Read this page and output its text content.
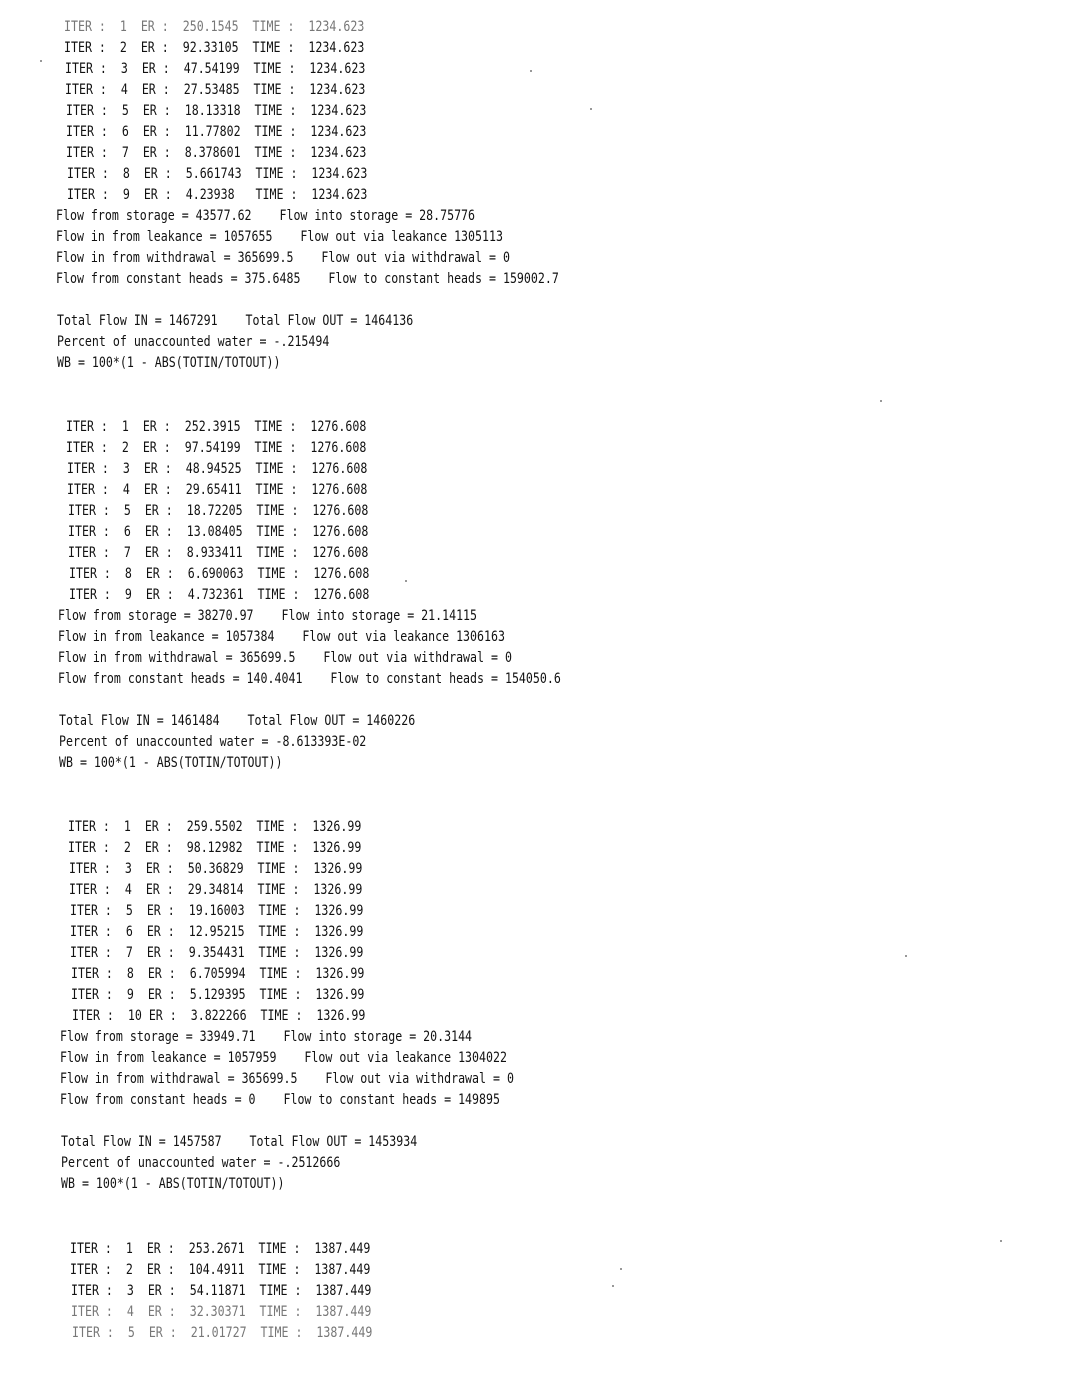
ITER :  1  ER :  250.1545  TIME :  1234.623
ITER :  2  ER :  92.33105  TIME :  1234.623
ITER :  3  ER :  47.54199  TIME :  1234.623
ITER :  4  ER :  27.53485  TIME :  1234.623
ITER :  5  ER :  18.13318  TIME :  1234.623
ITER :  6  ER :  11.77802  TIME :  1234.623
ITER :  7  ER :  8.378601  TIME :  1234.623
ITER :  8  ER :  5.661743  TIME :  1234.623
ITER :  9  ER :  4.23938   TIME :  1234.623
Flow from storage = 43577.62    Flow into storage = 28.75776
Flow in from leakance = 1057655    Flow out via leakance 1305113
Flow in from withdrawal = 365699.5    Flow out via withdrawal = 0
Flow from constant heads = 375.6485    Flow to constant heads = 159002.7
Total Flow IN = 1467291    Total Flow OUT = 1464136
Percent of unaccounted water = -.215494
WB = 100*(1 - ABS(TOTIN/TOTOUT))
ITER :  1  ER :  252.3915  TIME :  1276.608
ITER :  2  ER :  97.54199  TIME :  1276.608
ITER :  3  ER :  48.94525  TIME :  1276.608
ITER :  4  ER :  29.65411  TIME :  1276.608
ITER :  5  ER :  18.72205  TIME :  1276.608
ITER :  6  ER :  13.08405  TIME :  1276.608
ITER :  7  ER :  8.933411  TIME :  1276.608
ITER :  8  ER :  6.690063  TIME :  1276.608
ITER :  9  ER :  4.732361  TIME :  1276.608
Flow from storage = 38270.97    Flow into storage = 21.14115
Flow in from leakance = 1057384    Flow out via leakance 1306163
Flow in from withdrawal = 365699.5    Flow out via withdrawal = 0
Flow from constant heads = 140.4041    Flow to constant heads = 154050.6
Total Flow IN = 1461484    Total Flow OUT = 1460226
Percent of unaccounted water = -8.613393E-02
WB = 100*(1 - ABS(TOTIN/TOTOUT))
ITER :  1  ER :  259.5502  TIME :  1326.99
ITER :  2  ER :  98.12982  TIME :  1326.99
ITER :  3  ER :  50.36829  TIME :  1326.99
ITER :  4  ER :  29.34814  TIME :  1326.99
ITER :  5  ER :  19.16003  TIME :  1326.99
ITER :  6  ER :  12.95215  TIME :  1326.99
ITER :  7  ER :  9.354431  TIME :  1326.99
ITER :  8  ER :  6.705994  TIME :  1326.99
ITER :  9  ER :  5.129395  TIME :  1326.99
ITER :  10 ER :  3.822266  TIME :  1326.99
Flow from storage = 33949.71    Flow into storage = 20.3144
Flow in from leakance = 1057959    Flow out via leakance 1304022
Flow in from withdrawal = 365699.5    Flow out via withdrawal = 0
Flow from constant heads = 0    Flow to constant heads = 149895
Total Flow IN = 1457587    Total Flow OUT = 1453934
Percent of unaccounted water = -.2512666
WB = 100*(1 - ABS(TOTIN/TOTOUT))
ITER :  1  ER :  253.2671  TIME :  1387.449
ITER :  2  ER :  104.4911  TIME :  1387.449
ITER :  3  ER :  54.11871  TIME :  1387.449
ITER :  4  ER :  32.30371  TIME :  1387.449
ITER :  5  ER :  21.01727  TIME :  1387.449
